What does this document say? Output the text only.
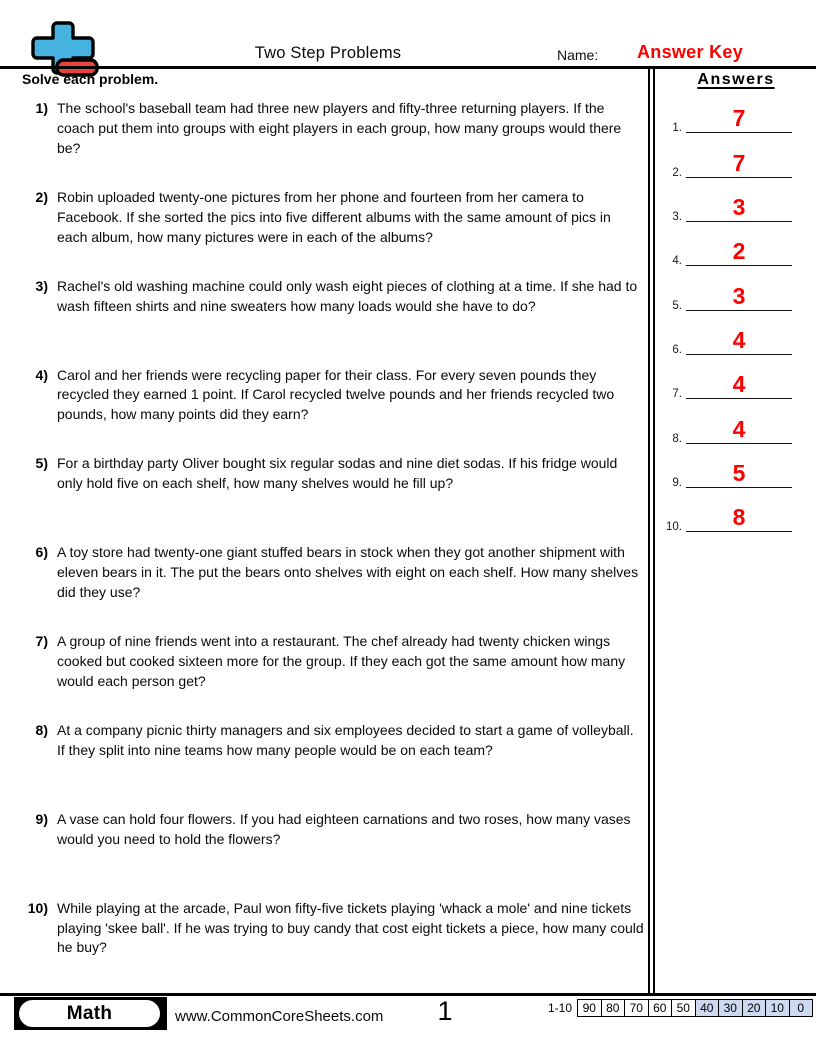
Two Step Problems	Name:	Answer Key
Solve each problem.
1) The school's baseball team had three new players and fifty-three returning players. If the coach put them into groups with eight players in each group, how many groups would there be?
2) Robin uploaded twenty-one pictures from her phone and fourteen from her camera to Facebook. If she sorted the pics into five different albums with the same amount of pics in each album, how many pictures were in each of the albums?
3) Rachel's old washing machine could only wash eight pieces of clothing at a time. If she had to wash fifteen shirts and nine sweaters how many loads would she have to do?
4) Carol and her friends were recycling paper for their class. For every seven pounds they recycled they earned 1 point. If Carol recycled twelve pounds and her friends recycled two pounds, how many points did they earn?
5) For a birthday party Oliver bought six regular sodas and nine diet sodas. If his fridge would only hold five on each shelf, how many shelves would he fill up?
6) A toy store had twenty-one giant stuffed bears in stock when they got another shipment with eleven bears in it. The put the bears onto shelves with eight on each shelf. How many shelves did they use?
7) A group of nine friends went into a restaurant. The chef already had twenty chicken wings cooked but cooked sixteen more for the group. If they each got the same amount how many would each person get?
8) At a company picnic thirty managers and six employees decided to start a game of volleyball. If they split into nine teams how many people would be on each team?
9) A vase can hold four flowers. If you had eighteen carnations and two roses, how many vases would you need to hold the flowers?
10) While playing at the arcade, Paul won fifty-five tickets playing 'whack a mole' and nine tickets playing 'skee ball'. If he was trying to buy candy that cost eight tickets a piece, how many could he buy?
Answers
1.	7
2.	7
3.	3
4.	2
5.	3
6.	4
7.	4
8.	4
9.	5
10.	8
Math	www.CommonCoreSheets.com	1	1-10 90 80 70 60 50 40 30 20 10	0
